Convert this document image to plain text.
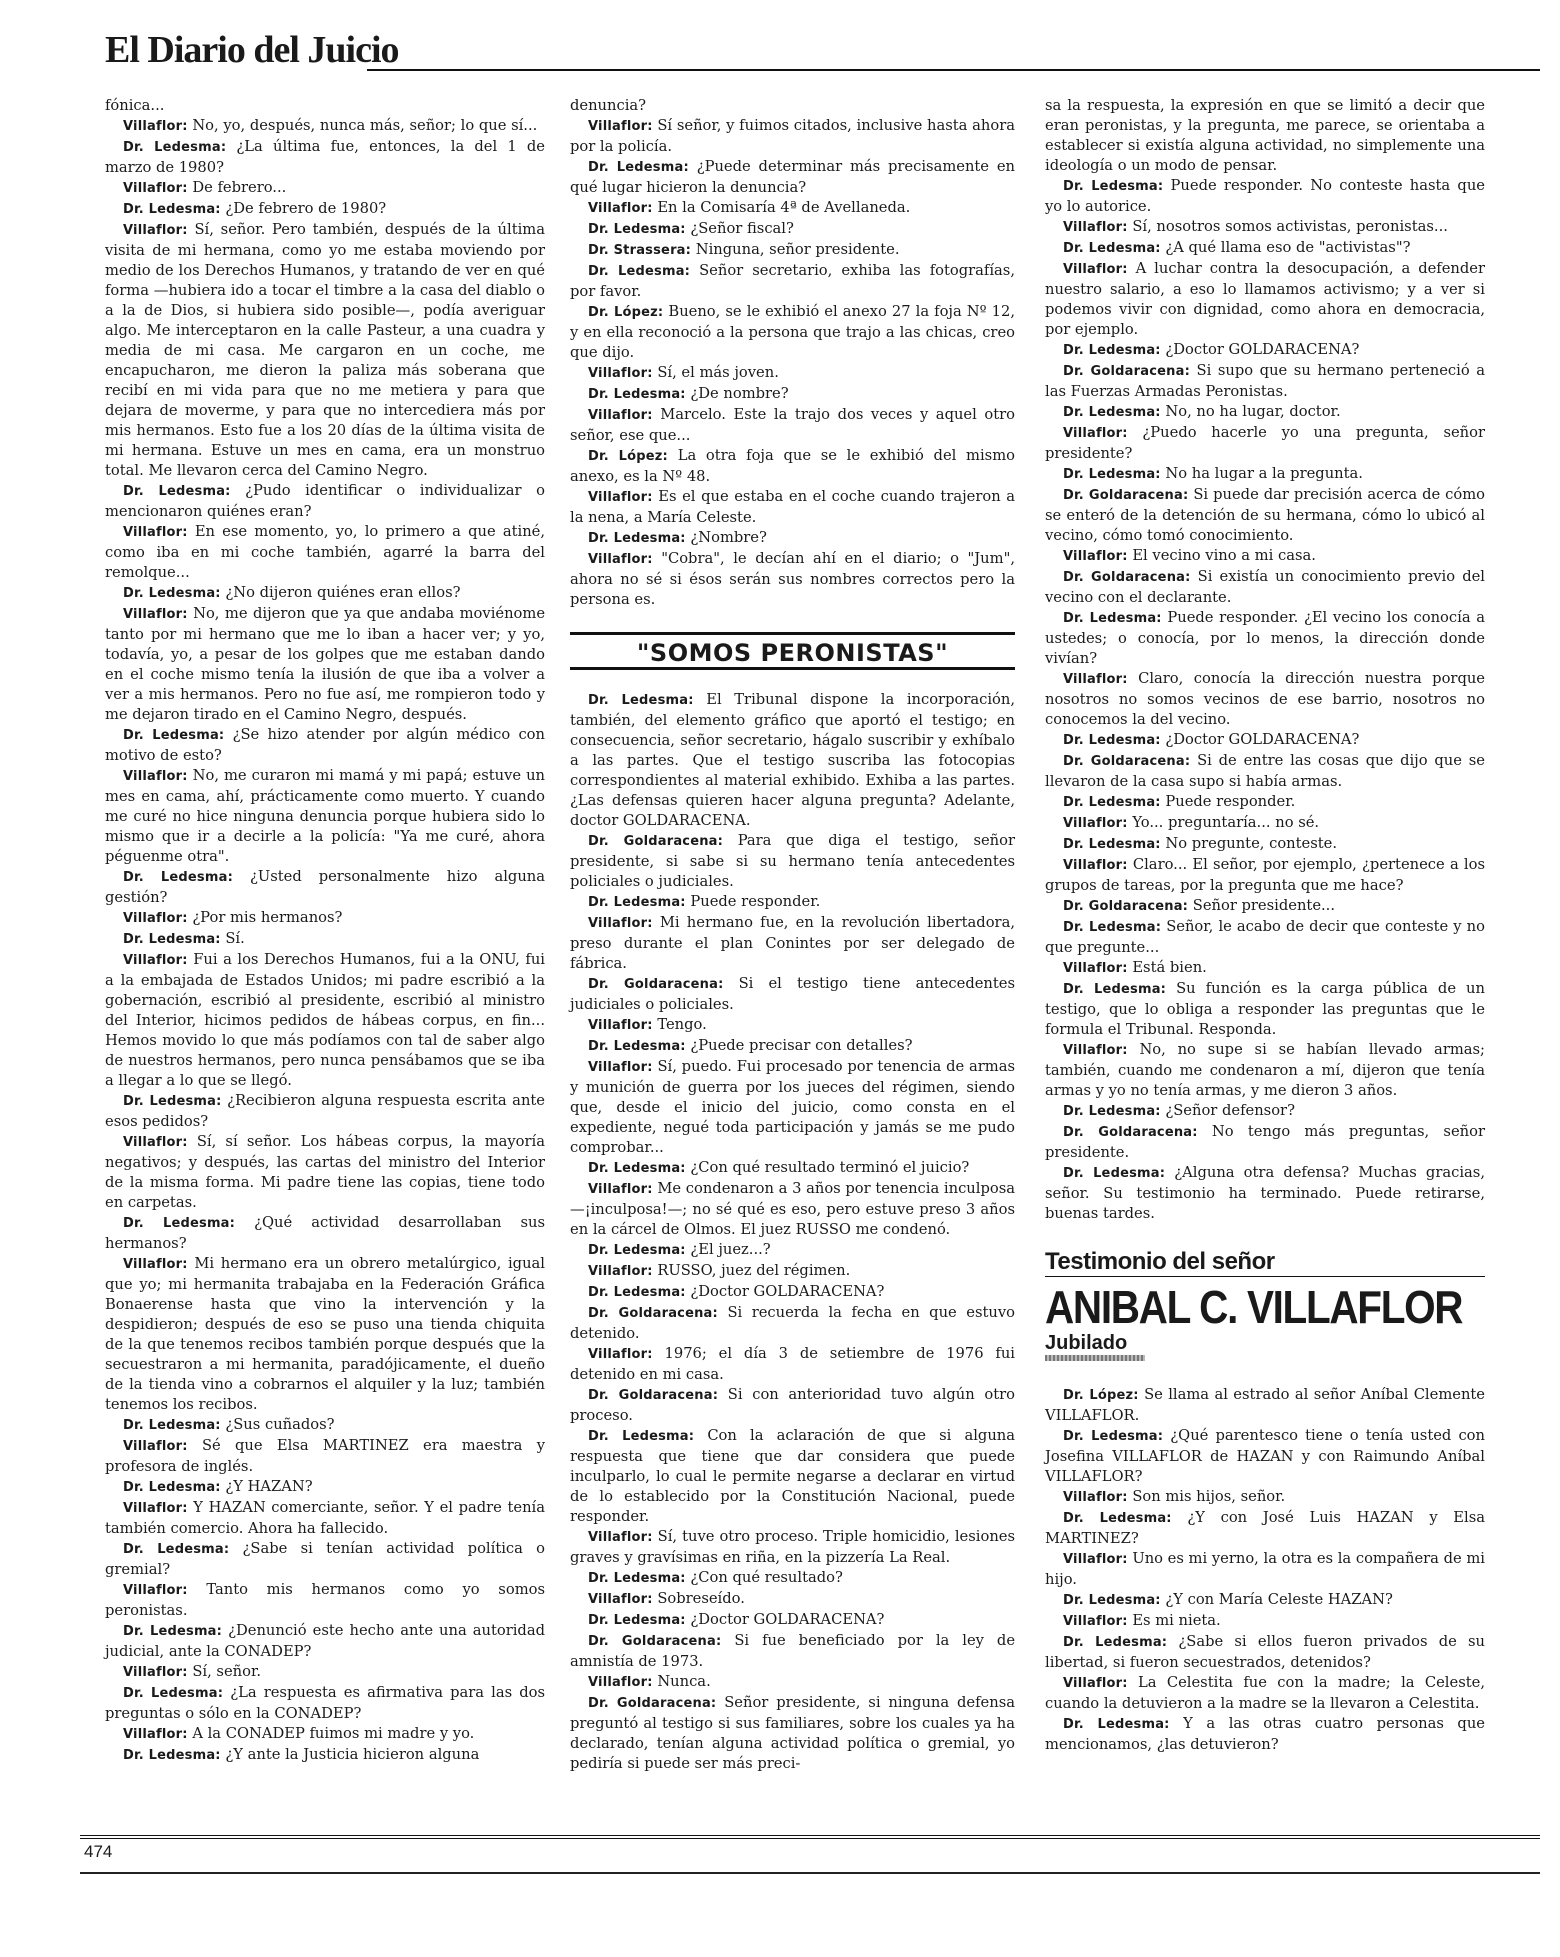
El Diario del Juicio

fónica...

Villaflor: No, yo, después, nunca más, señor; lo que sí...

Dr. Ledesma: ¿La última fue, entonces, la del 1 de marzo de 1980?

Villaflor: De febrero...

Dr. Ledesma: ¿De febrero de 1980?

Villaflor: Sí, señor. Pero también, después de la última visita de mi hermana, como yo me estaba moviendo por medio de los Derechos Humanos, y tratando de ver en qué forma —hubiera ido a tocar el timbre a la casa del diablo o a la de Dios, si hubiera sido posible—, podía averiguar algo. Me interceptaron en la calle Pasteur, a una cuadra y media de mi casa. Me cargaron en un coche, me encapucharon, me dieron la paliza más soberana que recibí en mi vida para que no me metiera y para que dejara de moverme, y para que no intercediera más por mis hermanos. Esto fue a los 20 días de la última visita de mi hermana. Estuve un mes en cama, era un monstruo total. Me llevaron cerca del Camino Negro.

Dr. Ledesma: ¿Pudo identificar o individualizar o mencionaron quiénes eran?

Villaflor: En ese momento, yo, lo primero a que atiné, como iba en mi coche también, agarré la barra del remolque...

Dr. Ledesma: ¿No dijeron quiénes eran ellos?

Villaflor: No, me dijeron que ya que andaba moviénome tanto por mi hermano que me lo iban a hacer ver; y yo, todavía, yo, a pesar de los golpes que me estaban dando en el coche mismo tenía la ilusión de que iba a volver a ver a mis hermanos. Pero no fue así, me rompieron todo y me dejaron tirado en el Camino Negro, después.

Dr. Ledesma: ¿Se hizo atender por algún médico con motivo de esto?

Villaflor: No, me curaron mi mamá y mi papá; estuve un mes en cama, ahí, prácticamente como muerto. Y cuando me curé no hice ninguna denuncia porque hubiera sido lo mismo que ir a decirle a la policía: "Ya me curé, ahora péguenme otra".

Dr. Ledesma: ¿Usted personalmente hizo alguna gestión?

Villaflor: ¿Por mis hermanos?

Dr. Ledesma: Sí.

Villaflor: Fui a los Derechos Humanos, fui a la ONU, fui a la embajada de Estados Unidos; mi padre escribió a la gobernación, escribió al presidente, escribió al ministro del Interior, hicimos pedidos de hábeas corpus, en fin... Hemos movido lo que más podíamos con tal de saber algo de nuestros hermanos, pero nunca pensábamos que se iba a llegar a lo que se llegó.

Dr. Ledesma: ¿Recibieron alguna respuesta escrita ante esos pedidos?

Villaflor: Sí, sí señor. Los hábeas corpus, la mayoría negativos; y después, las cartas del ministro del Interior de la misma forma. Mi padre tiene las copias, tiene todo en carpetas.

Dr. Ledesma: ¿Qué actividad desarrollaban sus hermanos?

Villaflor: Mi hermano era un obrero metalúrgico, igual que yo; mi hermanita trabajaba en la Federación Gráfica Bonaerense hasta que vino la intervención y la despidieron; después de eso se puso una tienda chiquita de la que tenemos recibos también porque después que la secuestraron a mi hermanita, paradójicamente, el dueño de la tienda vino a cobrarnos el alquiler y la luz; también tenemos los recibos.

Dr. Ledesma: ¿Sus cuñados?

Villaflor: Sé que Elsa MARTINEZ era maestra y profesora de inglés.

Dr. Ledesma: ¿Y HAZAN?

Villaflor: Y HAZAN comerciante, señor. Y el padre tenía también comercio. Ahora ha fallecido.

Dr. Ledesma: ¿Sabe si tenían actividad política o gremial?

Villaflor: Tanto mis hermanos como yo somos peronistas.

Dr. Ledesma: ¿Denunció este hecho ante una autoridad judicial, ante la CONADEP?

Villaflor: Sí, señor.

Dr. Ledesma: ¿La respuesta es afirmativa para las dos preguntas o sólo en la CONADEP?

Villaflor: A la CONADEP fuimos mi madre y yo.

Dr. Ledesma: ¿Y ante la Justicia hicieron alguna

denuncia?

Villaflor: Sí señor, y fuimos citados, inclusive hasta ahora por la policía.

Dr. Ledesma: ¿Puede determinar más precisamente en qué lugar hicieron la denuncia?

Villaflor: En la Comisaría 4ª de Avellaneda.

Dr. Ledesma: ¿Señor fiscal?

Dr. Strassera: Ninguna, señor presidente.

Dr. Ledesma: Señor secretario, exhiba las fotografías, por favor.

Dr. López: Bueno, se le exhibió el anexo 27 la foja Nº 12, y en ella reconoció a la persona que trajo a las chicas, creo que dijo.

Villaflor: Sí, el más joven.

Dr. Ledesma: ¿De nombre?

Villaflor: Marcelo. Este la trajo dos veces y aquel otro señor, ese que...

Dr. López: La otra foja que se le exhibió del mismo anexo, es la Nº 48.

Villaflor: Es el que estaba en el coche cuando trajeron a la nena, a María Celeste.

Dr. Ledesma: ¿Nombre?

Villaflor: "Cobra", le decían ahí en el diario; o "Jum", ahora no sé si ésos serán sus nombres correctos pero la persona es.

"SOMOS PERONISTAS"

Dr. Ledesma: El Tribunal dispone la incorporación, también, del elemento gráfico que aportó el testigo; en consecuencia, señor secretario, hágalo suscribir y exhíbalo a las partes. Que el testigo suscriba las fotocopias correspondientes al material exhibido. Exhiba a las partes. ¿Las defensas quieren hacer alguna pregunta? Adelante, doctor GOLDARACENA.

Dr. Goldaracena: Para que diga el testigo, señor presidente, si sabe si su hermano tenía antecedentes policiales o judiciales.

Dr. Ledesma: Puede responder.

Villaflor: Mi hermano fue, en la revolución libertadora, preso durante el plan Conintes por ser delegado de fábrica.

Dr. Goldaracena: Si el testigo tiene antecedentes judiciales o policiales.

Villaflor: Tengo.

Dr. Ledesma: ¿Puede precisar con detalles?

Villaflor: Sí, puedo. Fui procesado por tenencia de armas y munición de guerra por los jueces del régimen, siendo que, desde el inicio del juicio, como consta en el expediente, negué toda participación y jamás se me pudo comprobar...

Dr. Ledesma: ¿Con qué resultado terminó el juicio?

Villaflor: Me condenaron a 3 años por tenencia inculposa —¡inculposa!—; no sé qué es eso, pero estuve preso 3 años en la cárcel de Olmos. El juez RUSSO me condenó.

Dr. Ledesma: ¿El juez...?

Villaflor: RUSSO, juez del régimen.

Dr. Ledesma: ¿Doctor GOLDARACENA?

Dr. Goldaracena: Si recuerda la fecha en que estuvo detenido.

Villaflor: 1976; el día 3 de setiembre de 1976 fui detenido en mi casa.

Dr. Goldaracena: Si con anterioridad tuvo algún otro proceso.

Dr. Ledesma: Con la aclaración de que si alguna respuesta que tiene que dar considera que puede inculparlo, lo cual le permite negarse a declarar en virtud de lo establecido por la Constitución Nacional, puede responder.

Villaflor: Sí, tuve otro proceso. Triple homicidio, lesiones graves y gravísimas en riña, en la pizzería La Real.

Dr. Ledesma: ¿Con qué resultado?

Villaflor: Sobreseído.

Dr. Ledesma: ¿Doctor GOLDARACENA?

Dr. Goldaracena: Si fue beneficiado por la ley de amnistía de 1973.

Villaflor: Nunca.

Dr. Goldaracena: Señor presidente, si ninguna defensa preguntó al testigo si sus familiares, sobre los cuales ya ha declarado, tenían alguna actividad política o gremial, yo pediría si puede ser más preci-

sa la respuesta, la expresión en que se limitó a decir que eran peronistas, y la pregunta, me parece, se orientaba a establecer si existía alguna actividad, no simplemente una ideología o un modo de pensar.

Dr. Ledesma: Puede responder. No conteste hasta que yo lo autorice.

Villaflor: Sí, nosotros somos activistas, peronistas...

Dr. Ledesma: ¿A qué llama eso de "activistas"?

Villaflor: A luchar contra la desocupación, a defender nuestro salario, a eso lo llamamos activismo; y a ver si podemos vivir con dignidad, como ahora en democracia, por ejemplo.

Dr. Ledesma: ¿Doctor GOLDARACENA?

Dr. Goldaracena: Si supo que su hermano perteneció a las Fuerzas Armadas Peronistas.

Dr. Ledesma: No, no ha lugar, doctor.

Villaflor: ¿Puedo hacerle yo una pregunta, señor presidente?

Dr. Ledesma: No ha lugar a la pregunta.

Dr. Goldaracena: Si puede dar precisión acerca de cómo se enteró de la detención de su hermana, cómo lo ubicó al vecino, cómo tomó conocimiento.

Villaflor: El vecino vino a mi casa.

Dr. Goldaracena: Si existía un conocimiento previo del vecino con el declarante.

Dr. Ledesma: Puede responder. ¿El vecino los conocía a ustedes; o conocía, por lo menos, la dirección donde vivían?

Villaflor: Claro, conocía la dirección nuestra porque nosotros no somos vecinos de ese barrio, nosotros no conocemos la del vecino.

Dr. Ledesma: ¿Doctor GOLDARACENA?

Dr. Goldaracena: Si de entre las cosas que dijo que se llevaron de la casa supo si había armas.

Dr. Ledesma: Puede responder.

Villaflor: Yo... preguntaría... no sé.

Dr. Ledesma: No pregunte, conteste.

Villaflor: Claro... El señor, por ejemplo, ¿pertenece a los grupos de tareas, por la pregunta que me hace?

Dr. Goldaracena: Señor presidente...

Dr. Ledesma: Señor, le acabo de decir que conteste y no que pregunte...

Villaflor: Está bien.

Dr. Ledesma: Su función es la carga pública de un testigo, que lo obliga a responder las preguntas que le formula el Tribunal. Responda.

Villaflor: No, no supe si se habían llevado armas; también, cuando me condenaron a mí, dijeron que tenía armas y yo no tenía armas, y me dieron 3 años.

Dr. Ledesma: ¿Señor defensor?

Dr. Goldaracena: No tengo más preguntas, señor presidente.

Dr. Ledesma: ¿Alguna otra defensa? Muchas gracias, señor. Su testimonio ha terminado. Puede retirarse, buenas tardes.

Testimonio del señor
ANIBAL C. VILLAFLOR
Jubilado

Dr. López: Se llama al estrado al señor Aníbal Clemente VILLAFLOR.

Dr. Ledesma: ¿Qué parentesco tiene o tenía usted con Josefina VILLAFLOR de HAZAN y con Raimundo Aníbal VILLAFLOR?

Villaflor: Son mis hijos, señor.

Dr. Ledesma: ¿Y con José Luis HAZAN y Elsa MARTINEZ?

Villaflor: Uno es mi yerno, la otra es la compañera de mi hijo.

Dr. Ledesma: ¿Y con María Celeste HAZAN?

Villaflor: Es mi nieta.

Dr. Ledesma: ¿Sabe si ellos fueron privados de su libertad, si fueron secuestrados, detenidos?

Villaflor: La Celestita fue con la madre; la Celeste, cuando la detuvieron a la madre se la llevaron a Celestita.

Dr. Ledesma: Y a las otras cuatro personas que mencionamos, ¿las detuvieron?

474
